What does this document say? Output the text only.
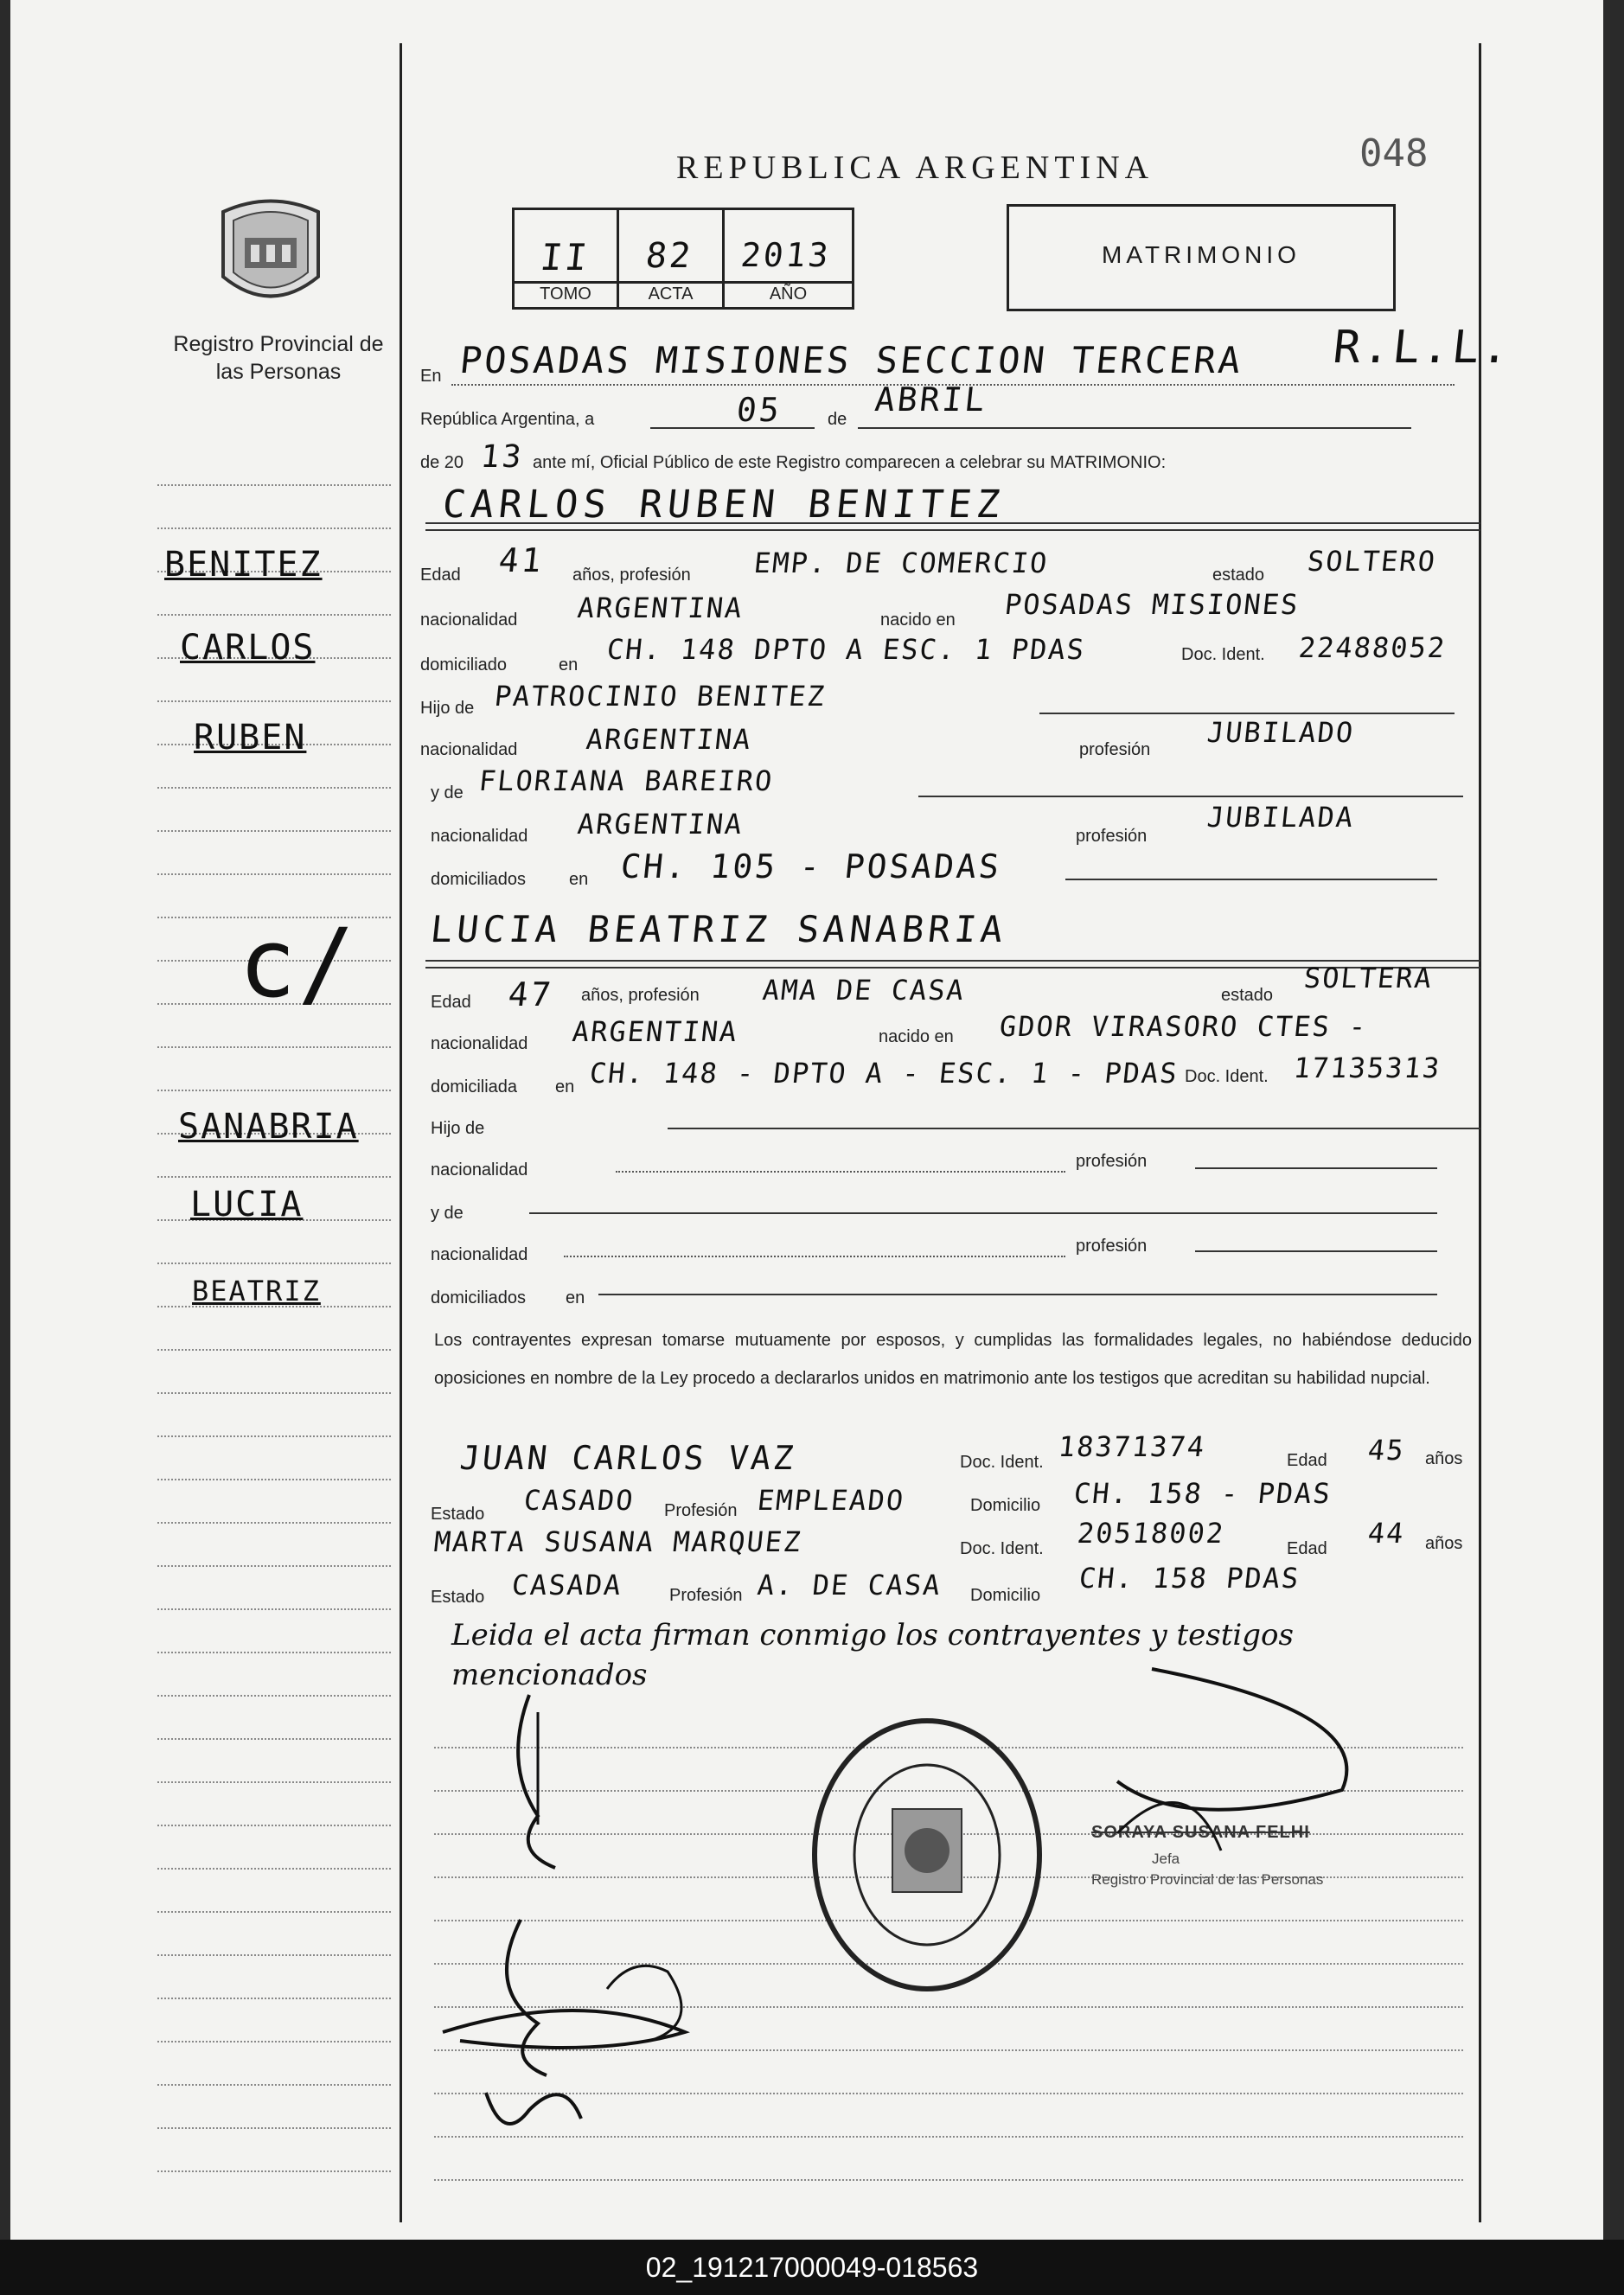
Registro Provincial de las Personas
REPUBLICA ARGENTINA	048
II 82 2013
TOMO	ACTA	AÑO
MATRIMONIO
En POSADAS MISIONES SECCION TERCERA R.L.L.
República Argentina, a	05	de
ABRIL
de 20 13 ante mí, Oficial Público de este Registro comparecen a celebrar su MATRIMONIO:
CARLOS RUBEN BENITEZ
Edad 41 años, profesión EMP. DE COMERCIO	estado SOLTERO
nacionalidad ARGENTINA	nacido en POSADAS MISIONES
domiciliado	en CH. 148 DPTO A ESC. 1 PDAS	Doc. Ident. 22488052
Hijo de PATROCINIO BENITEZ
nacionalidad ARGENTINA	profesión
JUBILADO
y de FLORIANA BAREIRO
nacionalidad ARGENTINA	profesión
JUBILADA
domiciliados en CH. 105 - POSADAS
LUCIA BEATRIZ SANABRIA
Edad 47 años, profesión AMA DE CASA	estado
SOLTERA
nacionalidad ARGENTINA	nacido en GDOR VIRASORO CTES -
domiciliada en CH. 148 - DPTO A - ESC. 1 - PDAS Doc. Ident. 17135313
Hijo de
nacionalidad	profesión
y de
nacionalidad	profesión
domiciliados en
Los contrayentes expresan tomarse mutuamente por esposos, y cumplidas las formalidades legales, no habiéndose deducido oposiciones en nombre de la Ley procedo a declararlos unidos en matrimonio ante los testigos que acreditan su habilidad nupcial.
JUAN CARLOS VAZ	Doc. Ident. 18371374	Edad 45 años
Estado CASADO Profesión EMPLEADO	Domicilio CH. 158 - PDAS
MARTA SUSANA MARQUEZ	Doc. Ident. 20518002	Edad 44 años
Estado CASADA	Profesión A. DE CASA Domicilio
CH. 158 PDAS
Leida el acta firman conmigo los contrayentes y testigos mencionados
SORAYA SUSANA FELHI
Jefa
Registro Provincial de las Personas
BENITEZ
CARLOS
RUBEN
c/
SANABRIA
LUCIA
BEATRIZ
02_191217000049-018563
